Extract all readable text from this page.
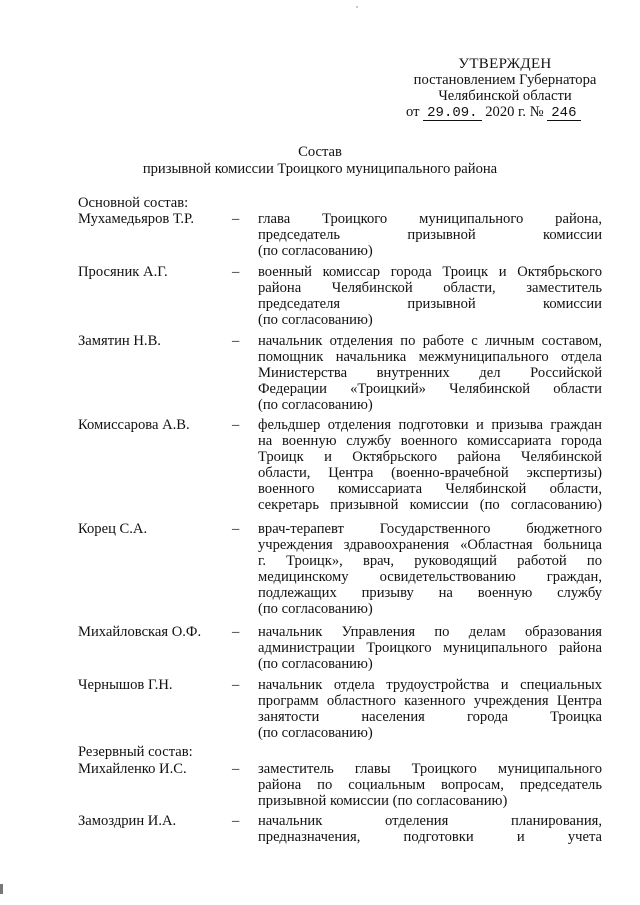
УТВЕРЖДЕН
постановлением Губернатора
Челябинской области
от 29.09. 2020 г. № 246
Состав
призывной комиссии Троицкого муниципального района
Основной состав:
Резервный состав:
Мухамедьяров Т.Р.	–	глава Троицкого муниципального района,
председатель призывной комиссии
(по согласованию)
Просяник А.Г.	–	военный комиссар города Троицк и Октябрьского
района Челябинской области, заместитель
председателя призывной комиссии
(по согласованию)
Замятин Н.В.	–	начальник отделения по работе с личным составом,
помощник начальника межмуниципального отдела
Министерства внутренних дел Российской
Федерации «Троицкий» Челябинской области
(по согласованию)
Комиссарова А.В.	–	фельдшер отделения подготовки и призыва граждан
на военную службу военного комиссариата города
Троицк и Октябрьского района Челябинской
области, Центра (военно-врачебной экспертизы)
военного комиссариата Челябинской области,
секретарь призывной комиссии (по согласованию)
Корец С.А.	–	врач-терапевт Государственного бюджетного
учреждения здравоохранения «Областная больница
г. Троицк», врач, руководящий работой по
медицинскому освидетельствованию граждан,
подлежащих призыву на военную службу
(по согласованию)
Михайловская О.Ф.	–	начальник Управления по делам образования
администрации Троицкого муниципального района
(по согласованию)
Чернышов Г.Н.	–	начальник отдела трудоустройства и специальных
программ областного казенного учреждения Центра
занятости населения города Троицка
(по согласованию)
Михайленко И.С.	–	заместитель главы Троицкого муниципального
района по социальным вопросам, председатель
призывной комиссии (по согласованию)
Замоздрин И.А.	–	начальник отделения планирования,
предназначения, подготовки и учета
